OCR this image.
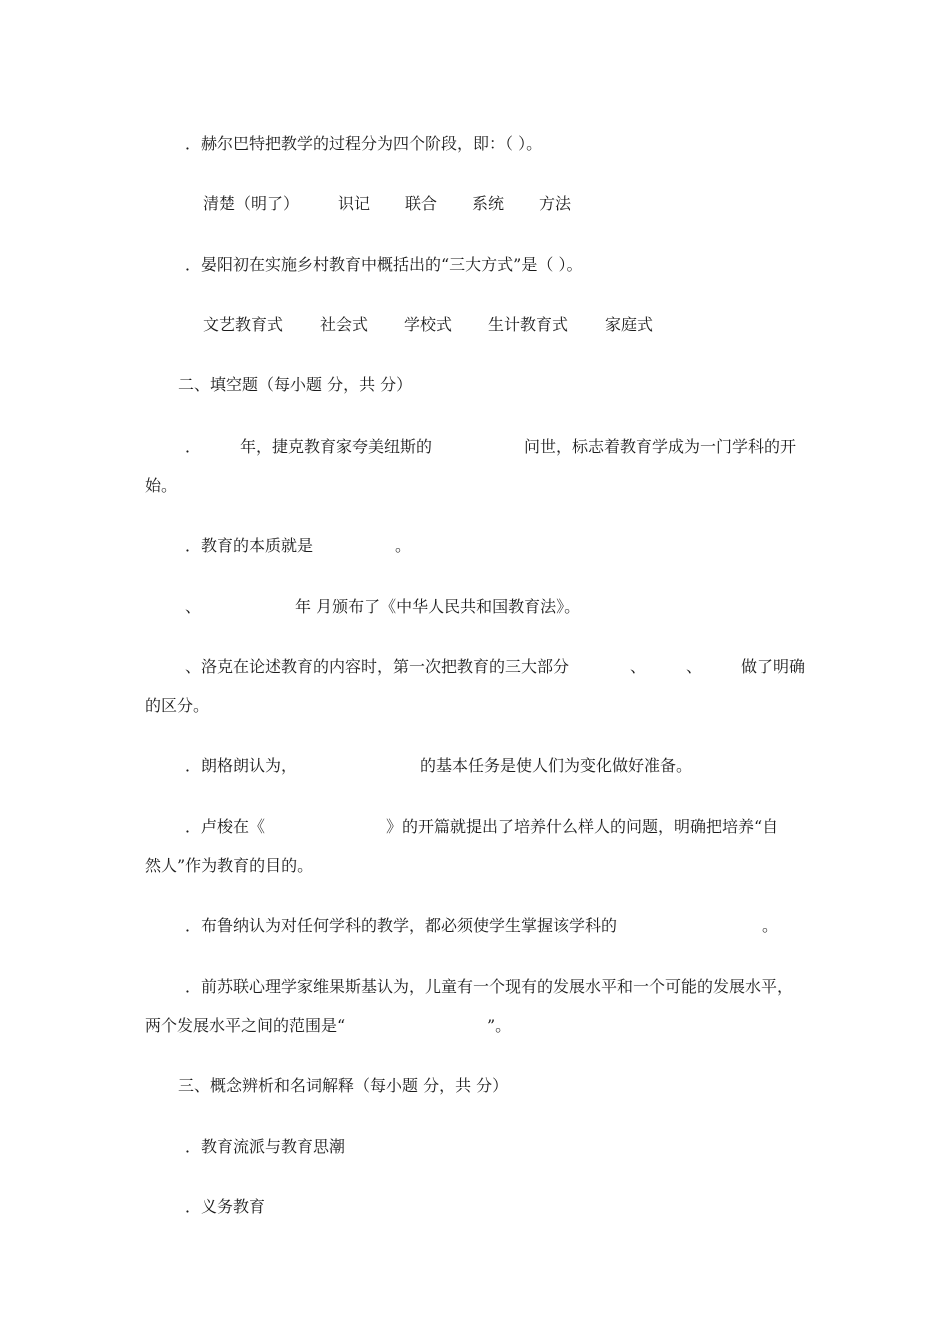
．赫尔巴特把教学的过程分为四个阶段，即：（ ）。
清楚（明了） 识记 联合 系统 方法
．晏阳初在实施乡村教育中概括出的“三大方式”是（ ）。
文艺教育式 社会式 学校式 生计教育式 家庭式
二、填空题（每小题 分，共 分）
． 年，捷克教育家夸美纽斯的	问世，标志着教育学成为一门学科的开
始。
．教育的本质就是	。
、	年 月颁布了《中华人民共和国教育法》。
、洛克在论述教育的内容时，第一次把教育的三大部分	、 、 做了明确
的区分。
．朗格朗认为，	的基本任务是使人们为变化做好准备。
．卢梭在《	》的开篇就提出了培养什么样人的问题，明确把培养“自
然人”作为教育的目的。
．布鲁纳认为对任何学科的教学，都必须使学生掌握该学科的	。
．前苏联心理学家维果斯基认为，儿童有一个现有的发展水平和一个可能的发展水平，
两个发展水平之间的范围是“	”。
三、概念辨析和名词解释（每小题 分，共 分）
．教育流派与教育思潮
．义务教育
